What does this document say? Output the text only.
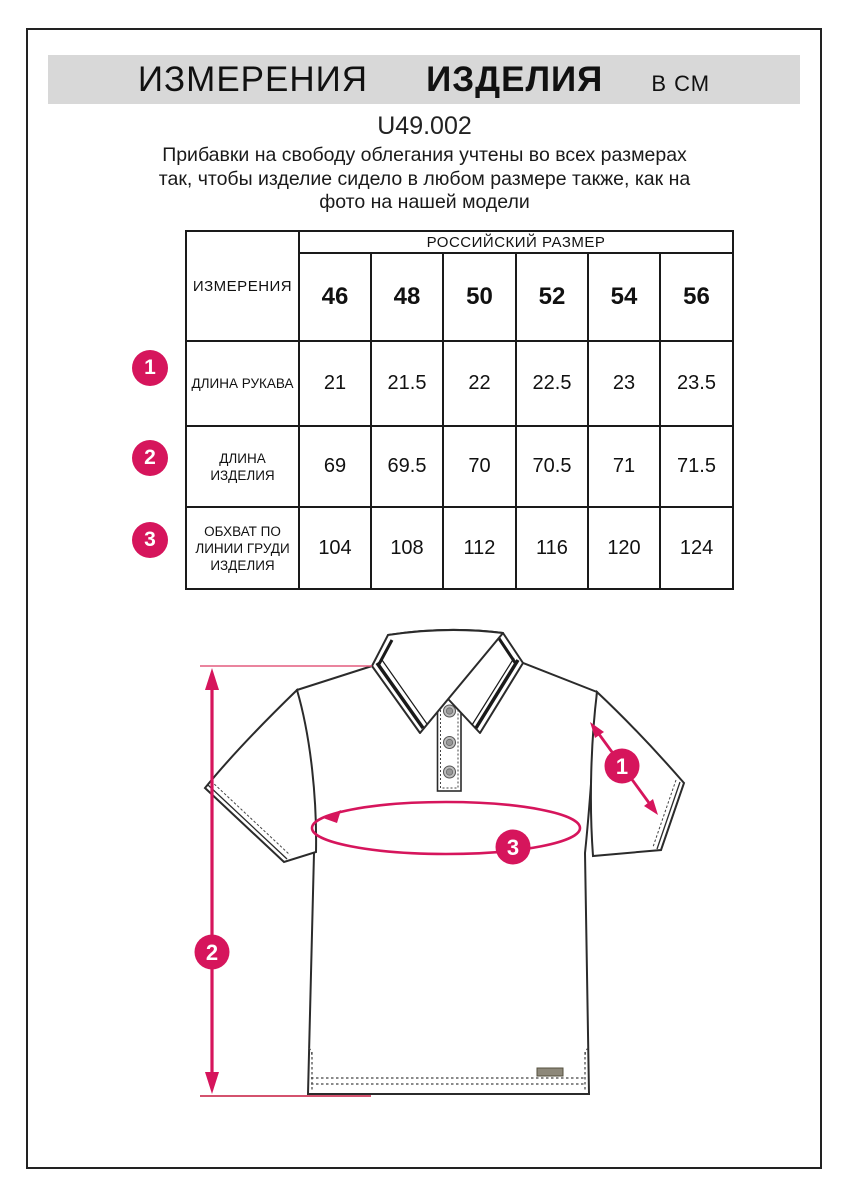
ИЗМЕРЕНИЯ ИЗДЕЛИЯ В СМ
U49.002
Прибавки на свободу облегания учтены во всех размерах
так, чтобы изделие сидело в любом размере также, как на
фото на нашей модели
ИЗМЕРЕНИЯ	РОССИЙСКИЙ РАЗМЕР					
	46	48	50	52	54	56
ДЛИНА РУКАВА	21	21.5	22	22.5	23	23.5
ДЛИНА ИЗДЕЛИЯ	69	69.5	70	70.5	71	71.5
ОБХВАТ ПО ЛИНИИ ГРУДИ ИЗДЕЛИЯ	104	108	112	116	120	124
1
2
3
1
2
3
